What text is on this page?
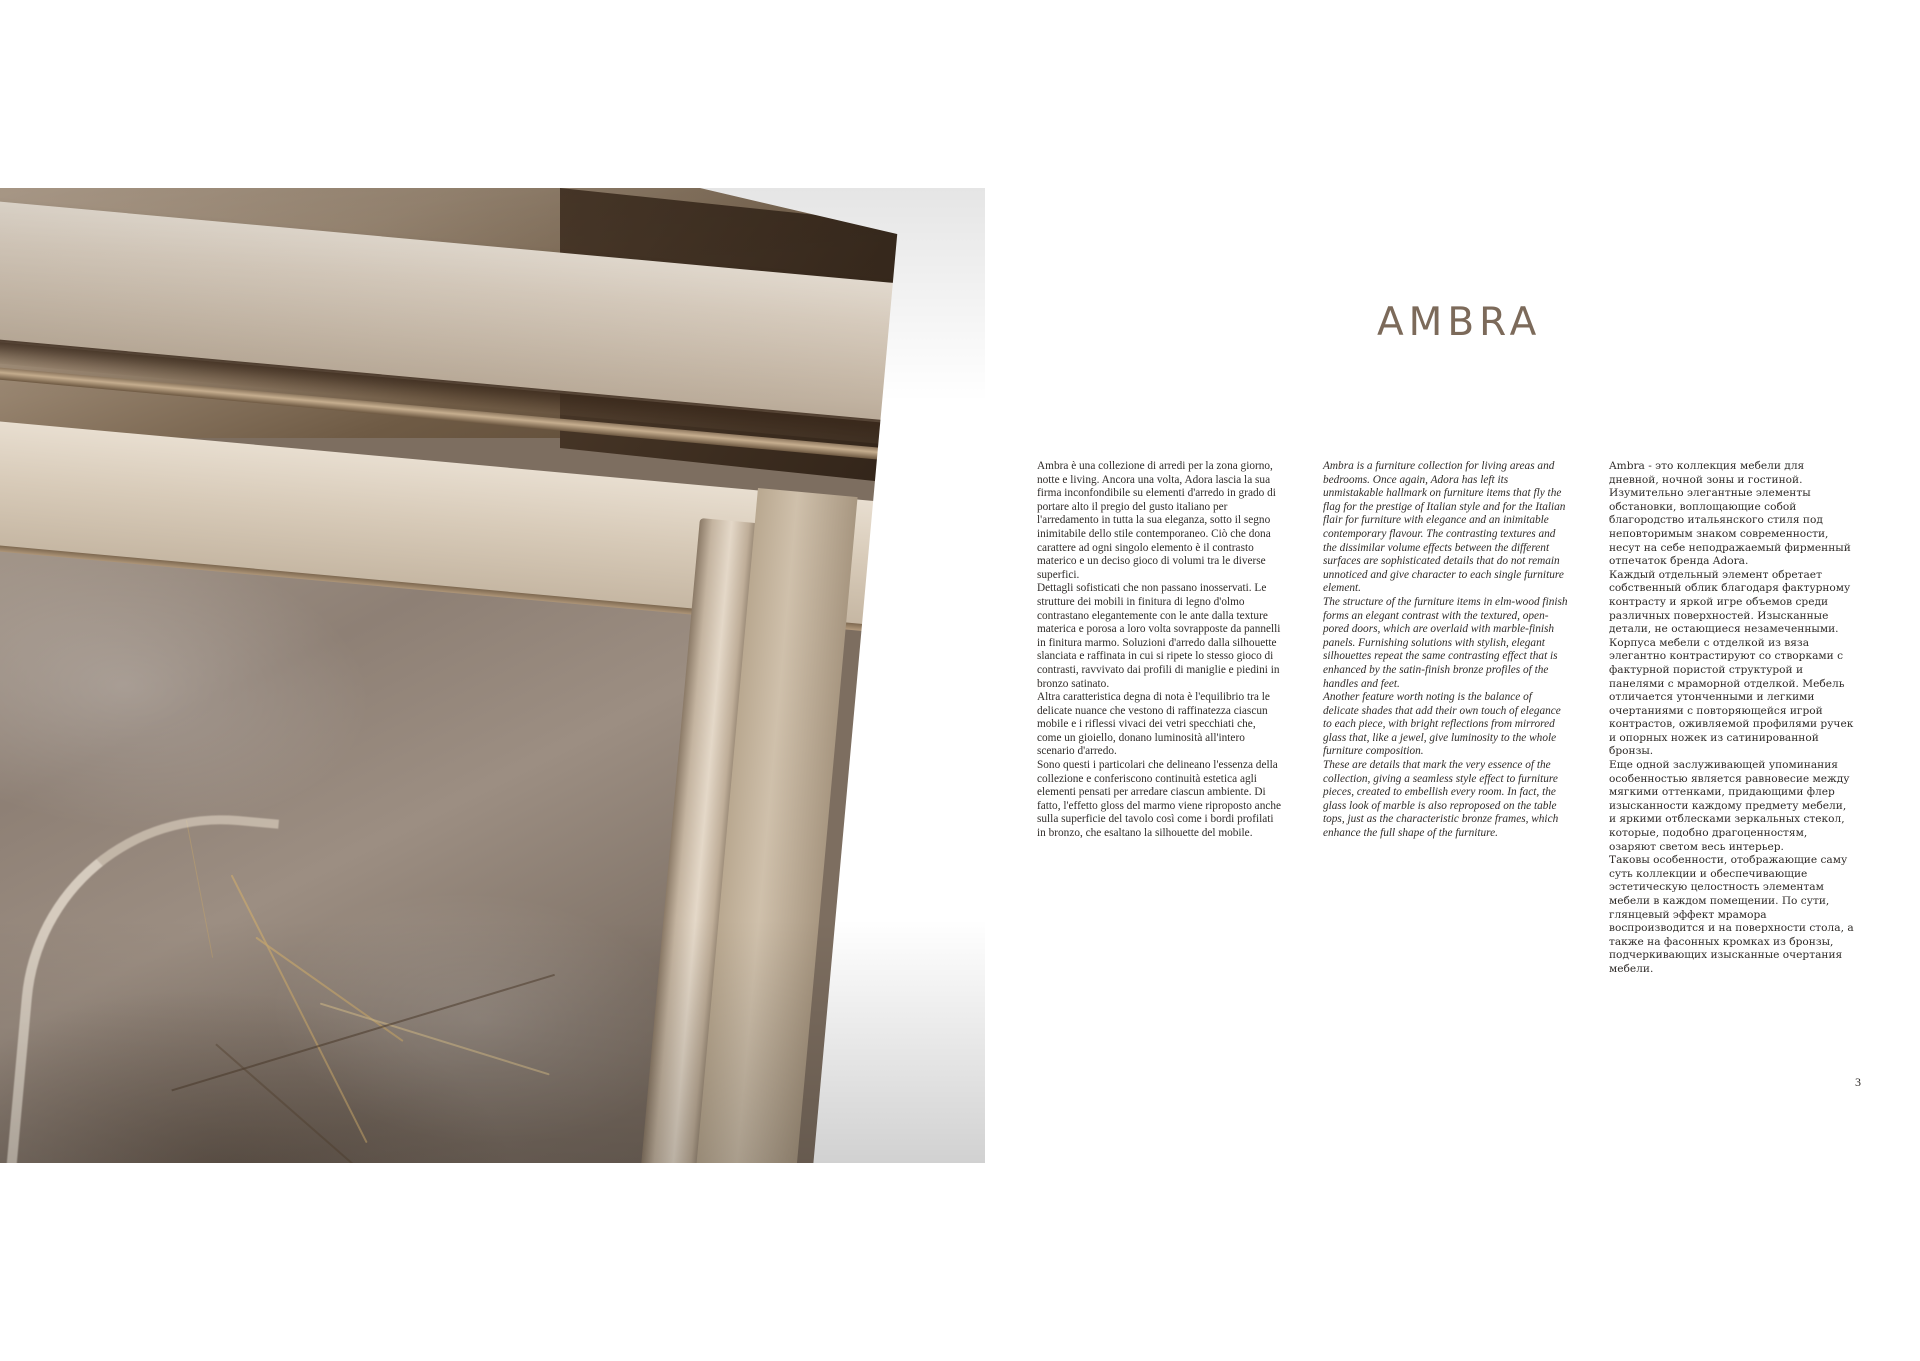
AMBRA

Ambra è una collezione di arredi per la zona giorno, notte e living. Ancora una volta, Adora lascia la sua firma inconfondibile su elementi d'arredo in grado di portare alto il pregio del gusto italiano per l'arredamento in tutta la sua eleganza, sotto il segno inimitabile dello stile contemporaneo. Ciò che dona carattere ad ogni singolo elemento è il contrasto materico e un deciso gioco di volumi tra le diverse superfici.
Dettagli sofisticati che non passano inosservati. Le strutture dei mobili in finitura di legno d'olmo contrastano elegantemente con le ante dalla texture materica e porosa a loro volta sovrapposte da pannelli in finitura marmo. Soluzioni d'arredo dalla silhouette slanciata e raffinata in cui si ripete lo stesso gioco di contrasti, ravvivato dai profili di maniglie e piedini in bronzo satinato.
Altra caratteristica degna di nota è l'equilibrio tra le delicate nuance che vestono di raffinatezza ciascun mobile e i riflessi vivaci dei vetri specchiati che, come un gioiello, donano luminosità all'intero scenario d'arredo.
Sono questi i particolari che delineano l'essenza della collezione e conferiscono continuità estetica agli elementi pensati per arredare ciascun ambiente. Di fatto, l'effetto gloss del marmo viene riproposto anche sulla superficie del tavolo così come i bordi profilati in bronzo, che esaltano la silhouette del mobile.

Ambra is a furniture collection for living areas and bedrooms. Once again, Adora has left its unmistakable hallmark on furniture items that fly the flag for the prestige of Italian style and for the Italian flair for furniture with elegance and an inimitable contemporary flavour. The contrasting textures and the dissimilar volume effects between the different surfaces are sophisticated details that do not remain unnoticed and give character to each single furniture element.
The structure of the furniture items in elm-wood finish forms an elegant contrast with the textured, open-pored doors, which are overlaid with marble-finish panels. Furnishing solutions with stylish, elegant silhouettes repeat the same contrasting effect that is enhanced by the satin-finish bronze profiles of the handles and feet.
Another feature worth noting is the balance of delicate shades that add their own touch of elegance to each piece, with bright reflections from mirrored glass that, like a jewel, give luminosity to the whole furniture composition.
These are details that mark the very essence of the collection, giving a seamless style effect to furniture pieces, created to embellish every room. In fact, the glass look of marble is also reproposed on the table tops, just as the characteristic bronze frames, which enhance the full shape of the furniture.

Ambra - это коллекция мебели для дневной, ночной зоны и гостиной. Изумительно элегантные элементы обстановки, воплощающие собой благородство итальянского стиля под неповторимым знаком современности, несут на себе неподражаемый фирменный отпечаток бренда Adora.
Каждый отдельный элемент обретает собственный облик благодаря фактурному контрасту и яркой игре объемов среди различных поверхностей. Изысканные детали, не остающиеся незамеченными. Корпуса мебели с отделкой из вяза элегантно контрастируют со створками с фактурной пористой структурой и панелями с мраморной отделкой. Мебель отличается утонченными и легкими очертаниями с повторяющейся игрой контрастов, оживляемой профилями ручек и опорных ножек из сатинированной бронзы.
Еще одной заслуживающей упоминания особенностью является равновесие между мягкими оттенками, придающими флер изысканности каждому предмету мебели, и яркими отблесками зеркальных стекол, которые, подобно драгоценностям, озаряют светом весь интерьер.
Таковы особенности, отображающие саму суть коллекции и обеспечивающие эстетическую целостность элементам мебели в каждом помещении. По сути, глянцевый эффект мрамора воспроизводится и на поверхности стола, а также на фасонных кромках из бронзы, подчеркивающих изысканные очертания мебели.

3
